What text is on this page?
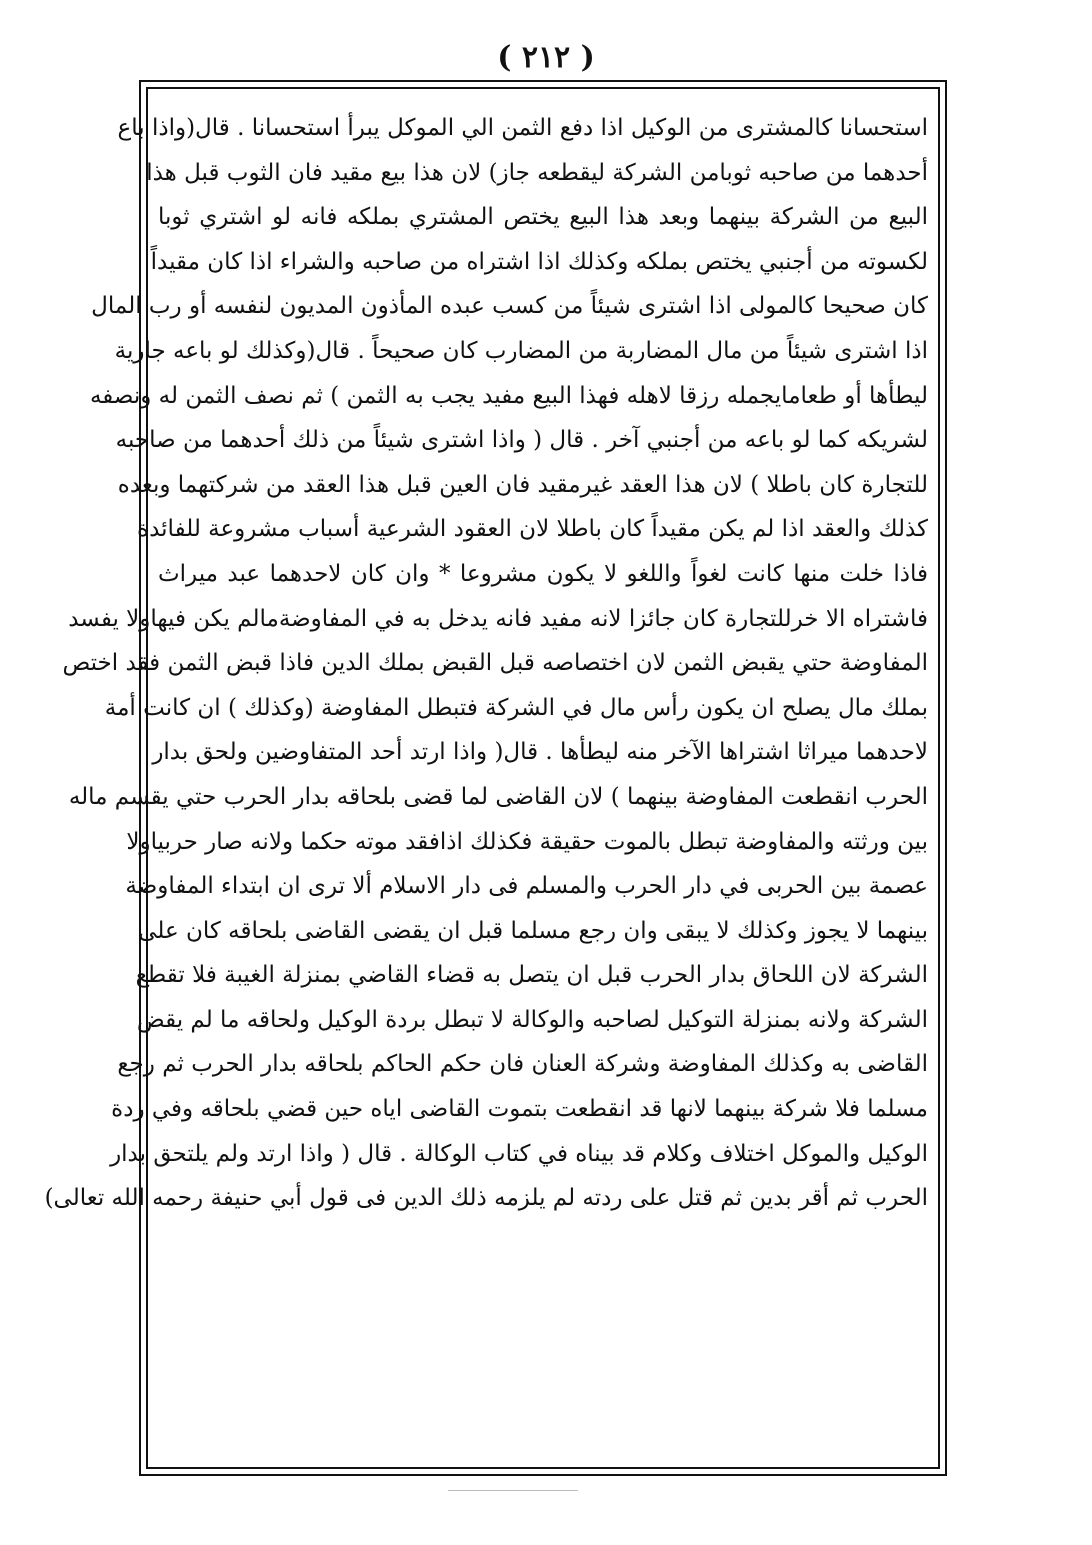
( ٢١٢ )
استحسانا كالمشترى من الوكيل اذا دفع الثمن الي الموكل يبرأ استحسانا . قال(واذا باع
أحدهما من صاحبه ثوبامن الشركة ليقطعه جاز) لان هذا بيع مقيد فان الثوب قبل هذا
البيع من الشركة بينهما وبعد هذا البيع يختص المشتري بملكه فانه لو اشتري ثوبا
لكسوته من أجنبي يختص بملكه وكذلك اذا اشتراه من صاحبه والشراء اذا كان مقيداً
كان صحيحا كالمولى اذا اشترى شيئاً من كسب عبده المأذون المديون لنفسه أو رب المال
اذا اشترى شيئاً من مال المضاربة من المضارب كان صحيحاً . قال(وكذلك لو باعه جارية
ليطأها أو طعامايجمله رزقا لاهله فهذا البيع مفيد يجب به الثمن ) ثم نصف الثمن له ونصفه
لشريكه كما لو باعه من أجنبي آخر . قال ( واذا اشترى شيئاً من ذلك أحدهما من صاحبه
للتجارة كان باطلا ) لان هذا العقد غيرمقيد فان العين قبل هذا العقد من شركتهما وبعده
كذلك والعقد اذا لم يكن مقيداً كان باطلا لان العقود الشرعية أسباب مشروعة للفائدة
فاذا خلت منها كانت لغواً واللغو لا يكون مشروعا * وان كان لاحدهما عبد ميراث
فاشتراه الا خرللتجارة كان جائزا لانه مفيد فانه يدخل به في المفاوضةمالم يكن فيهاولا يفسد
المفاوضة حتي يقبض الثمن لان اختصاصه قبل القبض بملك الدين فاذا قبض الثمن فقد اختص
بملك مال يصلح ان يكون رأس مال في الشركة فتبطل المفاوضة (وكذلك ) ان كانت أمة
لاحدهما ميراثا اشتراها الآخر منه ليطأها . قال( واذا ارتد أحد المتفاوضين ولحق بدار
الحرب انقطعت المفاوضة بينهما ) لان القاضى لما قضى بلحاقه بدار الحرب حتي يقسم ماله
بين ورثته والمفاوضة تبطل بالموت حقيقة فكذلك اذافقد موته حكما ولانه صار حربياولا
عصمة بين الحربى في دار الحرب والمسلم فى دار الاسلام ألا ترى ان ابتداء المفاوضة
بينهما لا يجوز وكذلك لا يبقى وان رجع مسلما قبل ان يقضى القاضى بلحاقه كان على
الشركة لان اللحاق بدار الحرب قبل ان يتصل به قضاء القاضي بمنزلة الغيبة فلا تقطع
الشركة ولانه بمنزلة التوكيل لصاحبه والوكالة لا تبطل بردة الوكيل ولحاقه ما لم يقض
القاضى به وكذلك المفاوضة وشركة العنان فان حكم الحاكم بلحاقه بدار الحرب ثم رجع
مسلما فلا شركة بينهما لانها قد انقطعت بتموت القاضى اياه حين قضي بلحاقه وفي ردة
الوكيل والموكل اختلاف وكلام قد بيناه في كتاب الوكالة . قال ( واذا ارتد ولم يلتحق بدار
الحرب ثم أقر بدين ثم قتل على ردته لم يلزمه ذلك الدين فى قول أبي حنيفة رحمه الله تعالى)
